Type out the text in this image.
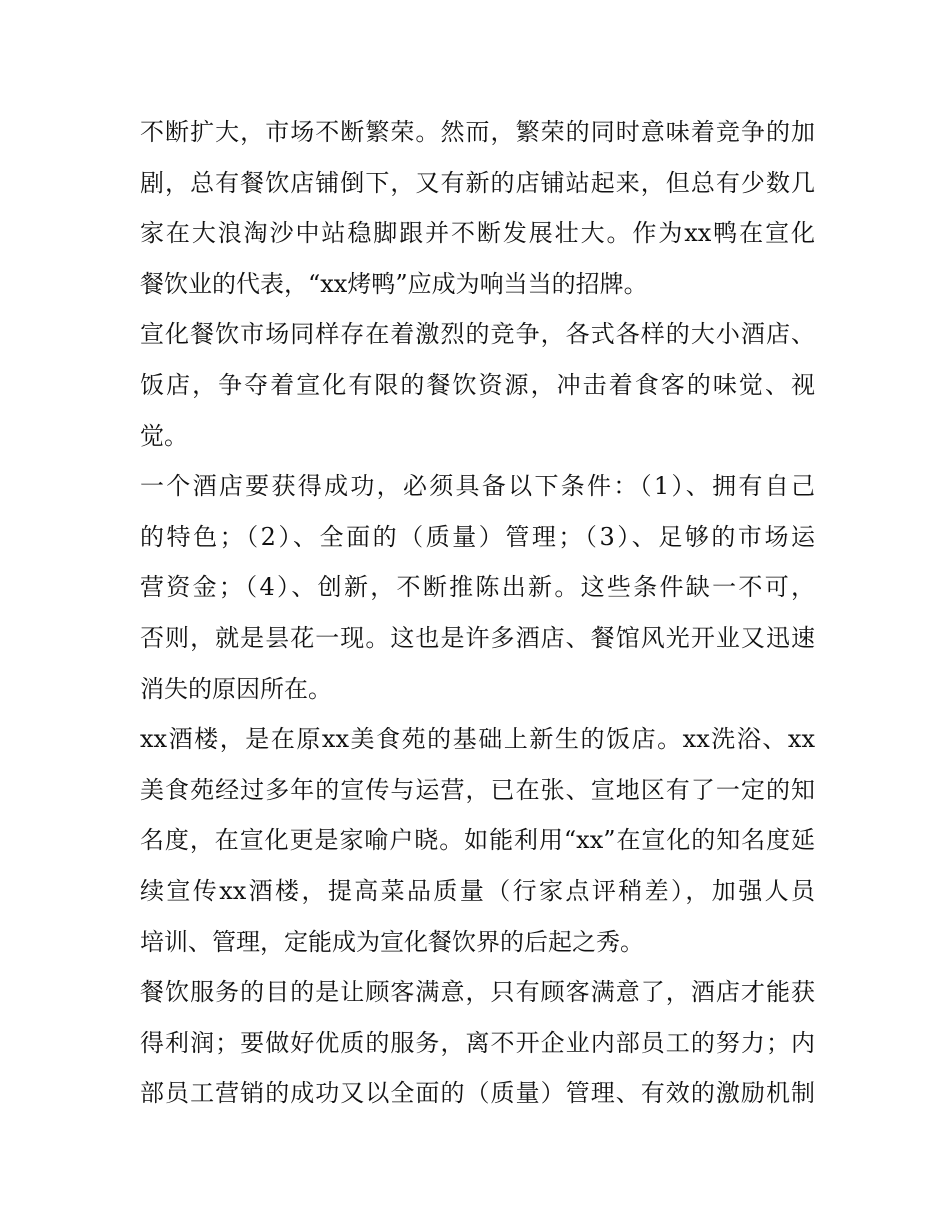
不断扩大，市场不断繁荣。然而，繁荣的同时意味着竞争的加
剧，总有餐饮店铺倒下，又有新的店铺站起来，但总有少数几
家在大浪淘沙中站稳脚跟并不断发展壮大。作为xx鸭在宣化
餐饮业的代表，“xx烤鸭”应成为响当当的招牌。
宣化餐饮市场同样存在着激烈的竞争，各式各样的大小酒店、
饭店，争夺着宣化有限的餐饮资源，冲击着食客的味觉、视
觉。
一个酒店要获得成功，必须具备以下条件：（1）、拥有自己
的特色；（2）、全面的（质量）管理；（3）、足够的市场运
营资金；（4）、创新，不断推陈出新。这些条件缺一不可，
否则，就是昙花一现。这也是许多酒店、餐馆风光开业又迅速
消失的原因所在。
xx酒楼，是在原xx美食苑的基础上新生的饭店。xx洗浴、xx
美食苑经过多年的宣传与运营，已在张、宣地区有了一定的知
名度，在宣化更是家喻户晓。如能利用“xx”在宣化的知名度延
续宣传xx酒楼，提高菜品质量（行家点评稍差），加强人员
培训、管理，定能成为宣化餐饮界的后起之秀。
餐饮服务的目的是让顾客满意，只有顾客满意了，酒店才能获
得利润；要做好优质的服务，离不开企业内部员工的努力；内
部员工营销的成功又以全面的（质量）管理、有效的激励机制
